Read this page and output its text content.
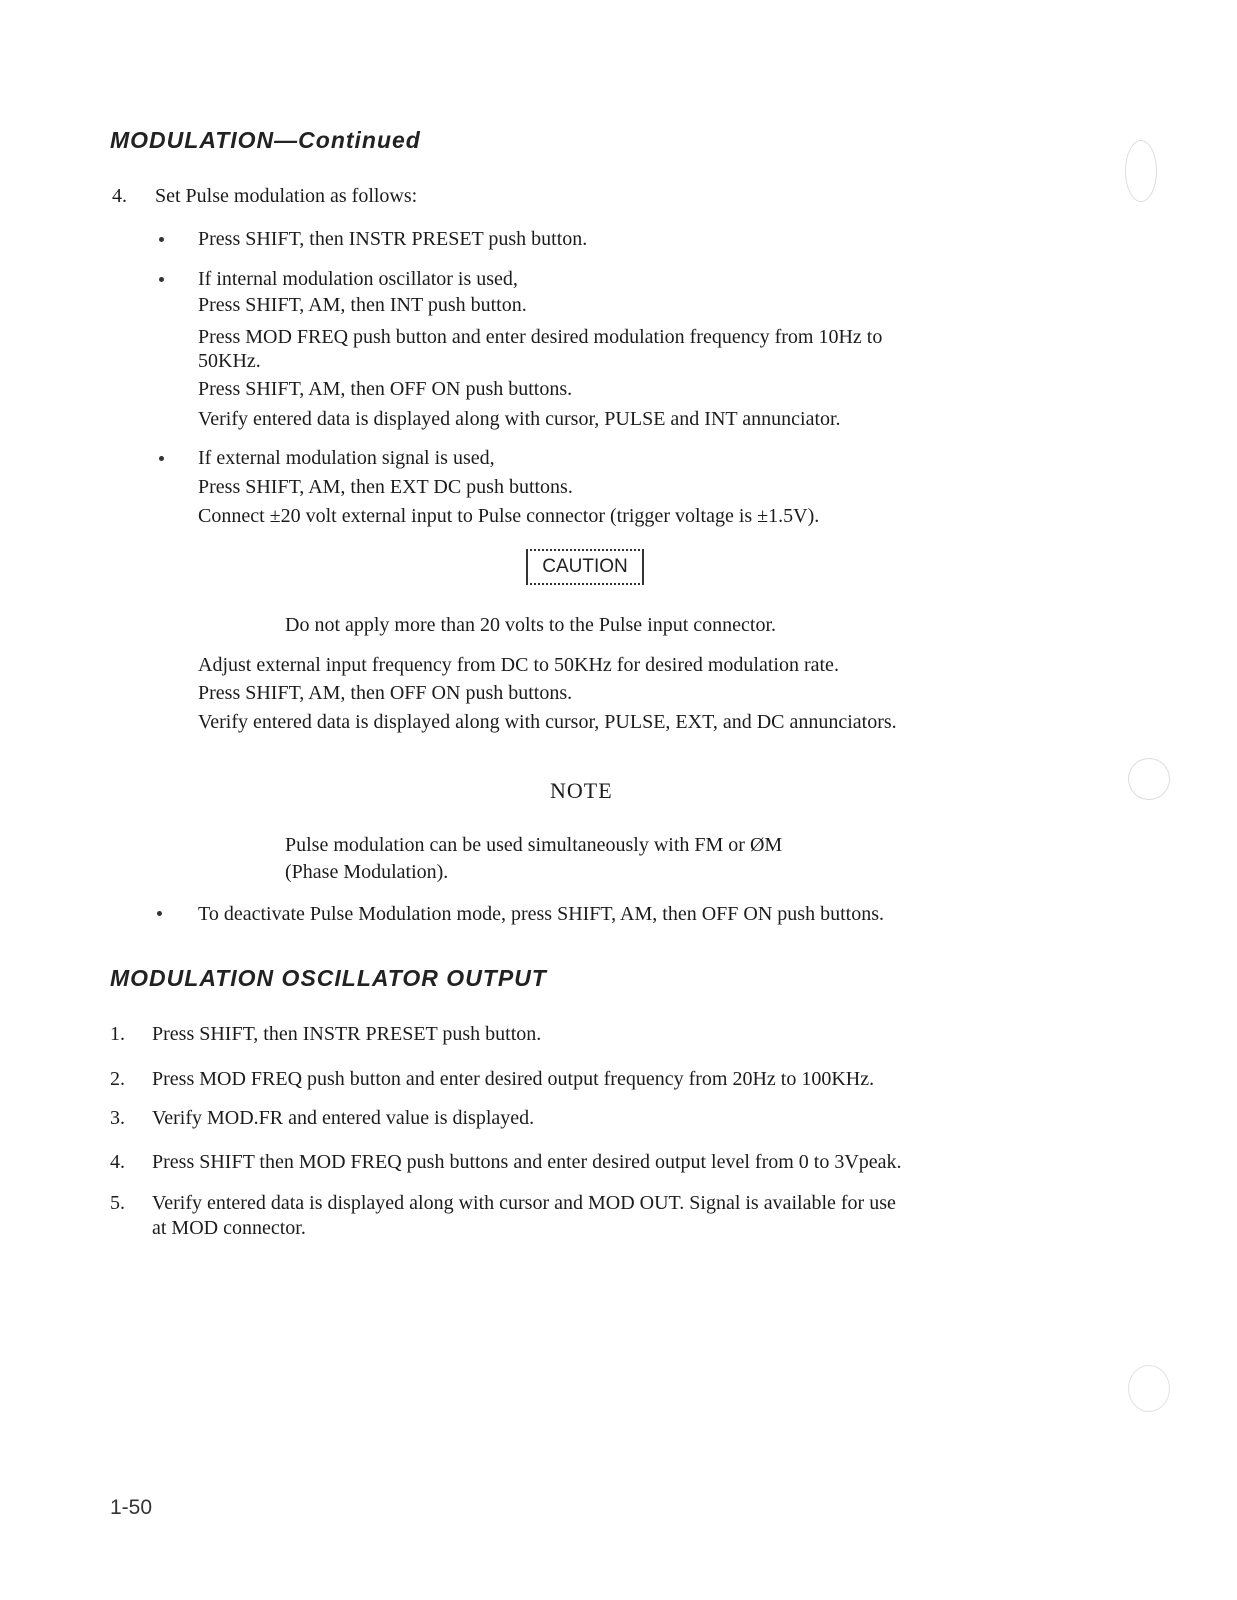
MODULATION—Continued
4. Set Pulse modulation as follows:

Press SHIFT, then INSTR PRESET push button.

If internal modulation oscillator is used,

Press SHIFT, AM, then INT push button.

Press MOD FREQ push button and enter desired modulation frequency from 10Hz to

50KHz.

Press SHIFT, AM, then OFF ON push buttons.

Verify entered data is displayed along with cursor, PULSE and INT annunciator.

If external modulation signal is used,

Press SHIFT, AM, then EXT DC push buttons.

Connect ±20 volt external input to Pulse connector (trigger voltage is ±1.5V).

CAUTION

Do not apply more than 20 volts to the Pulse input connector.

Adjust external input frequency from DC to 50KHz for desired modulation rate.

Press SHIFT, AM, then OFF ON push buttons.

Verify entered data is displayed along with cursor, PULSE, EXT, and DC annunciators.

NOTE

Pulse modulation can be used simultaneously with FM or ØM

(Phase Modulation).

To deactivate Pulse Modulation mode, press SHIFT, AM, then OFF ON push buttons.

MODULATION OSCILLATOR OUTPUT
1. Press SHIFT, then INSTR PRESET push button.

2. Press MOD FREQ push button and enter desired output frequency from 20Hz to 100KHz.

3. Verify MOD.FR and entered value is displayed.

4. Press SHIFT then MOD FREQ push buttons and enter desired output level from 0 to 3Vpeak.

5. Verify entered data is displayed along with cursor and MOD OUT. Signal is available for use

at MOD connector.

1-50
